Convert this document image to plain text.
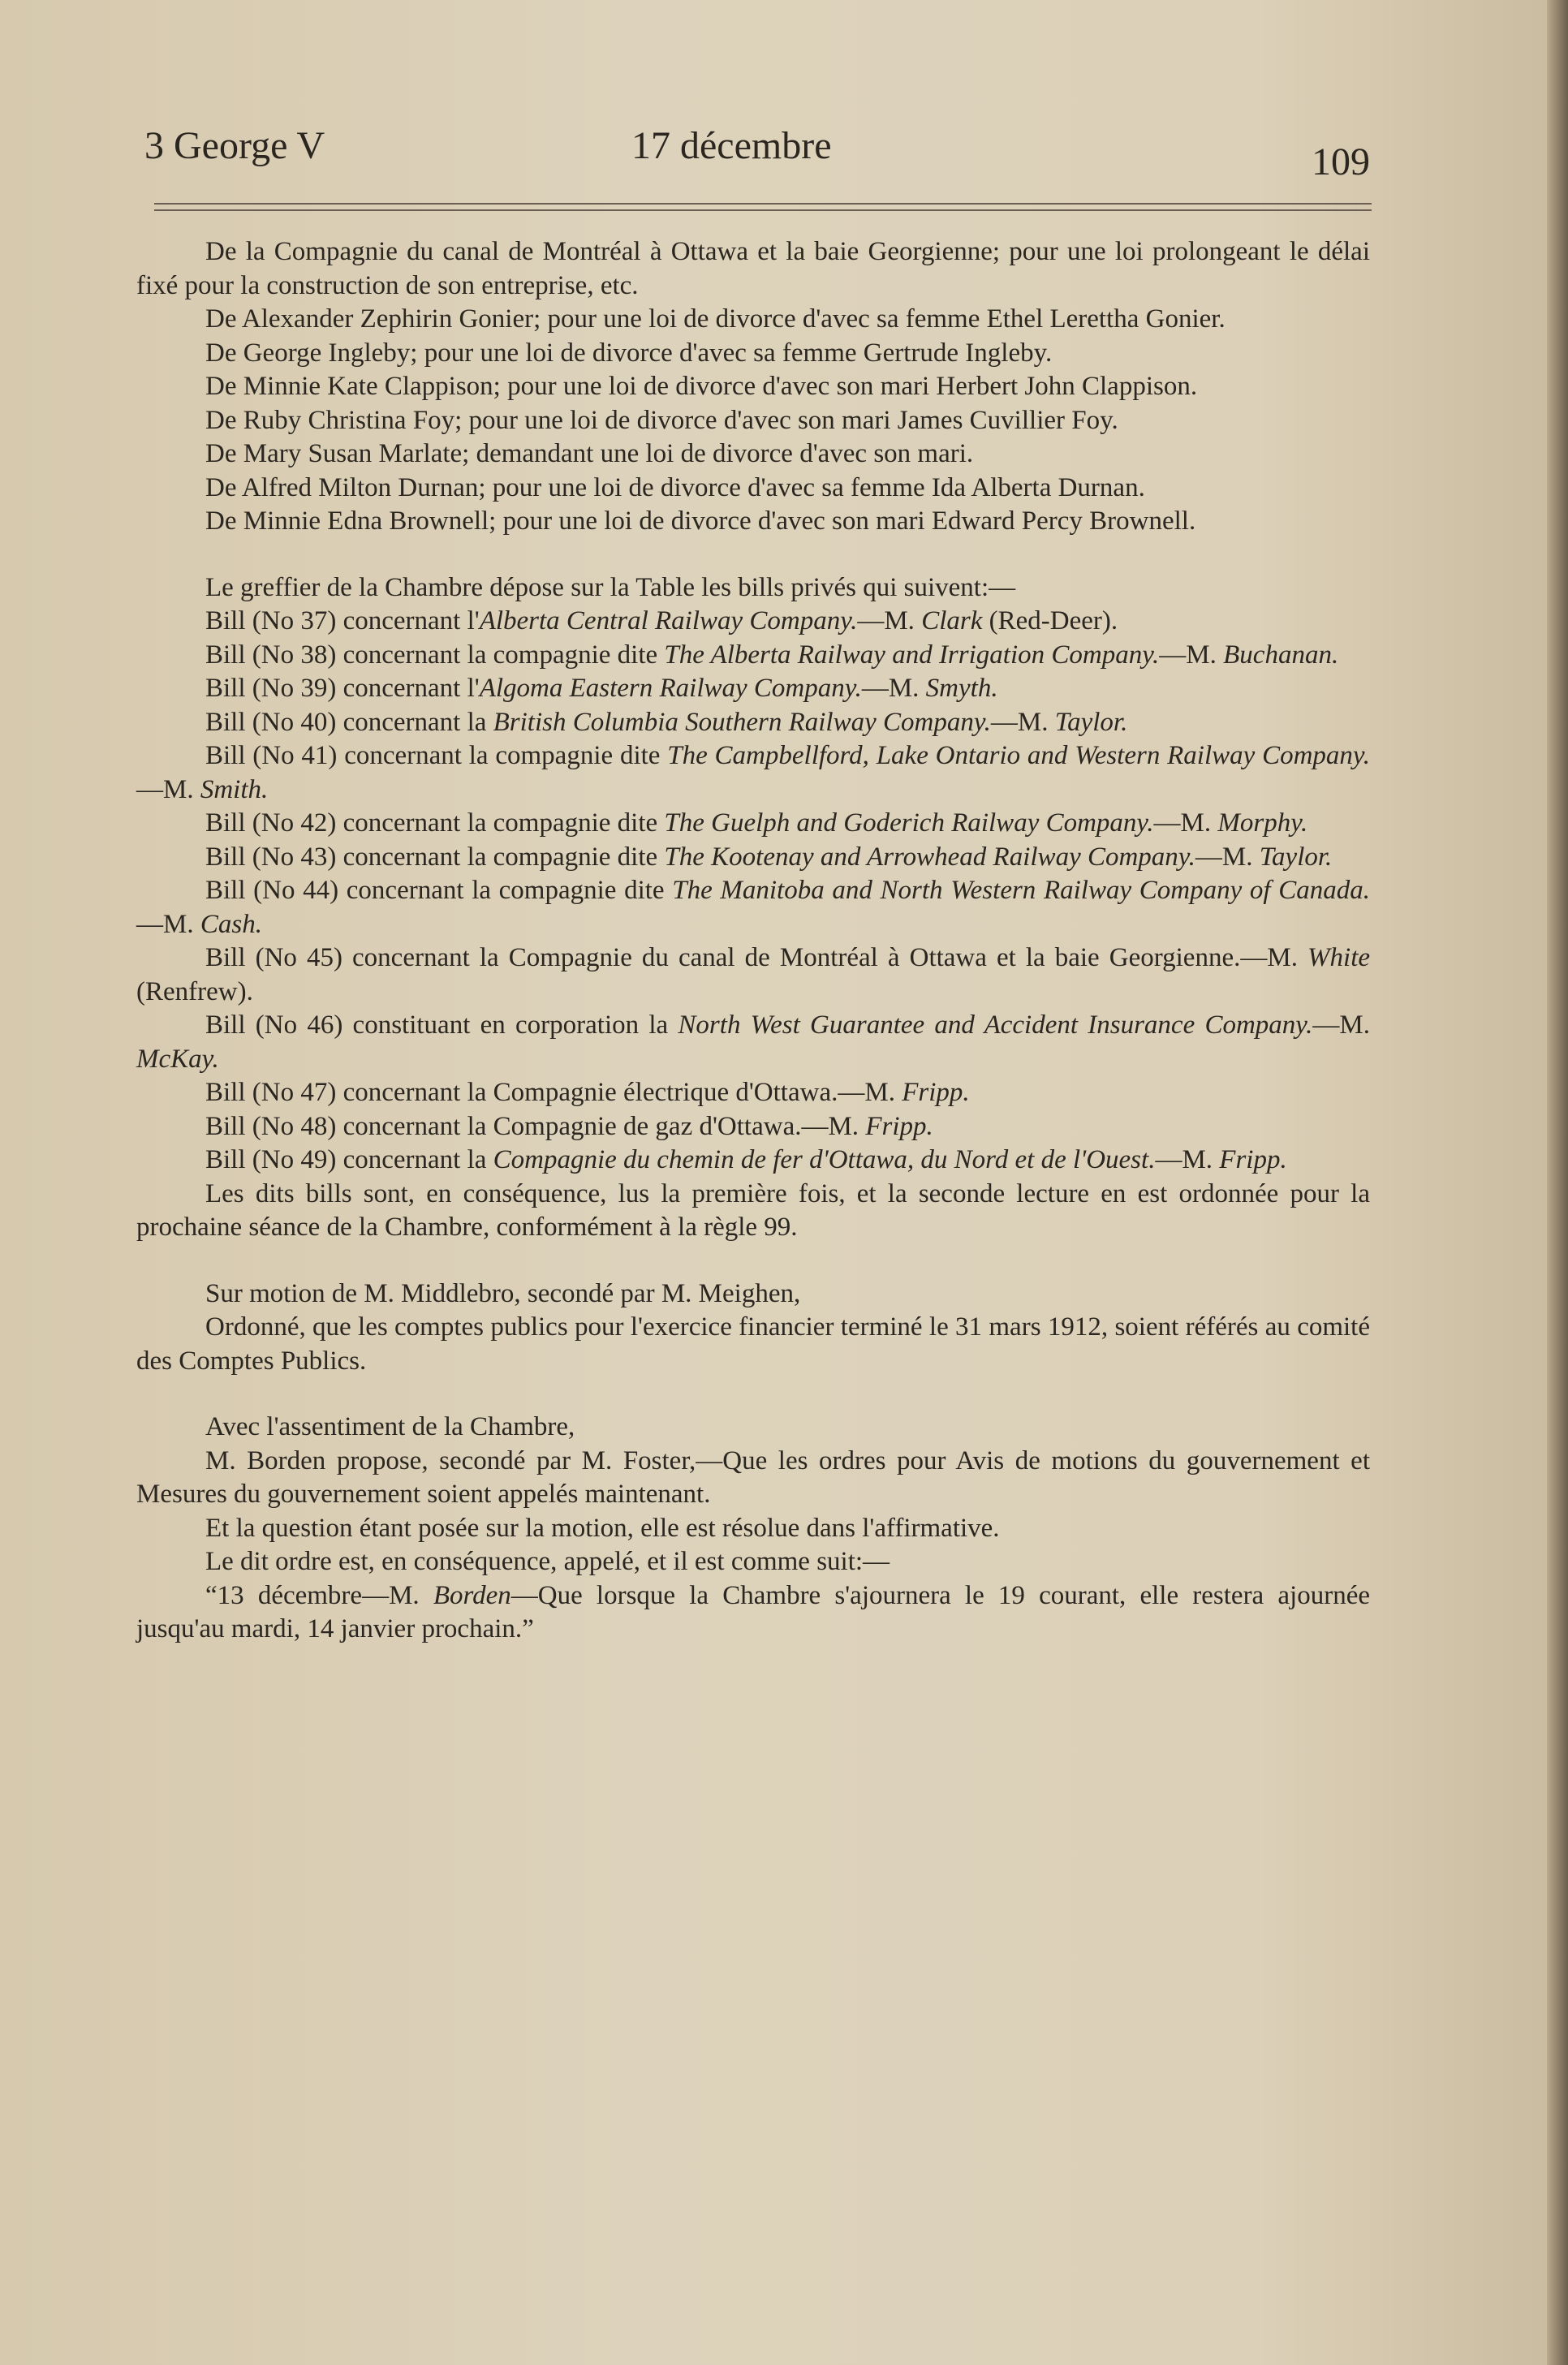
3 George V	17 décembre	109

De la Compagnie du canal de Montréal à Ottawa et la baie Georgienne; pour une loi prolongeant le délai fixé pour la construction de son entreprise, etc.

De Alexander Zephirin Gonier; pour une loi de divorce d'avec sa femme Ethel Lerettha Gonier.

De George Ingleby; pour une loi de divorce d'avec sa femme Gertrude Ingleby.

De Minnie Kate Clappison; pour une loi de divorce d'avec son mari Herbert John Clappison.

De Ruby Christina Foy; pour une loi de divorce d'avec son mari James Cuvillier Foy.

De Mary Susan Marlate; demandant une loi de divorce d'avec son mari.

De Alfred Milton Durnan; pour une loi de divorce d'avec sa femme Ida Alberta Durnan.

De Minnie Edna Brownell; pour une loi de divorce d'avec son mari Edward Percy Brownell.

Le greffier de la Chambre dépose sur la Table les bills privés qui suivent:—

Bill (No 37) concernant l'Alberta Central Railway Company.—M. Clark (Red-Deer).

Bill (No 38) concernant la compagnie dite The Alberta Railway and Irrigation Company.—M. Buchanan.

Bill (No 39) concernant l'Algoma Eastern Railway Company.—M. Smyth.

Bill (No 40) concernant la British Columbia Southern Railway Company.—M. Taylor.

Bill (No 41) concernant la compagnie dite The Campbellford, Lake Ontario and Western Railway Company.—M. Smith.

Bill (No 42) concernant la compagnie dite The Guelph and Goderich Railway Company.—M. Morphy.

Bill (No 43) concernant la compagnie dite The Kootenay and Arrowhead Railway Company.—M. Taylor.

Bill (No 44) concernant la compagnie dite The Manitoba and North Western Railway Company of Canada.—M. Cash.

Bill (No 45) concernant la Compagnie du canal de Montréal à Ottawa et la baie Georgienne.—M. White (Renfrew).

Bill (No 46) constituant en corporation la North West Guarantee and Accident Insurance Company.—M. McKay.

Bill (No 47) concernant la Compagnie électrique d'Ottawa.—M. Fripp.

Bill (No 48) concernant la Compagnie de gaz d'Ottawa.—M. Fripp.

Bill (No 49) concernant la Compagnie du chemin de fer d'Ottawa, du Nord et de l'Ouest.—M. Fripp.

Les dits bills sont, en conséquence, lus la première fois, et la seconde lecture en est ordonnée pour la prochaine séance de la Chambre, conformément à la règle 99.

Sur motion de M. Middlebro, secondé par M. Meighen,

Ordonné, que les comptes publics pour l'exercice financier terminé le 31 mars 1912, soient référés au comité des Comptes Publics.

Avec l'assentiment de la Chambre,

M. Borden propose, secondé par M. Foster,—Que les ordres pour Avis de motions du gouvernement et Mesures du gouvernement soient appelés maintenant.

Et la question étant posée sur la motion, elle est résolue dans l'affirmative.

Le dit ordre est, en conséquence, appelé, et il est comme suit:—

“13 décembre—M. Borden—Que lorsque la Chambre s'ajournera le 19 courant, elle restera ajournée jusqu'au mardi, 14 janvier prochain.”
